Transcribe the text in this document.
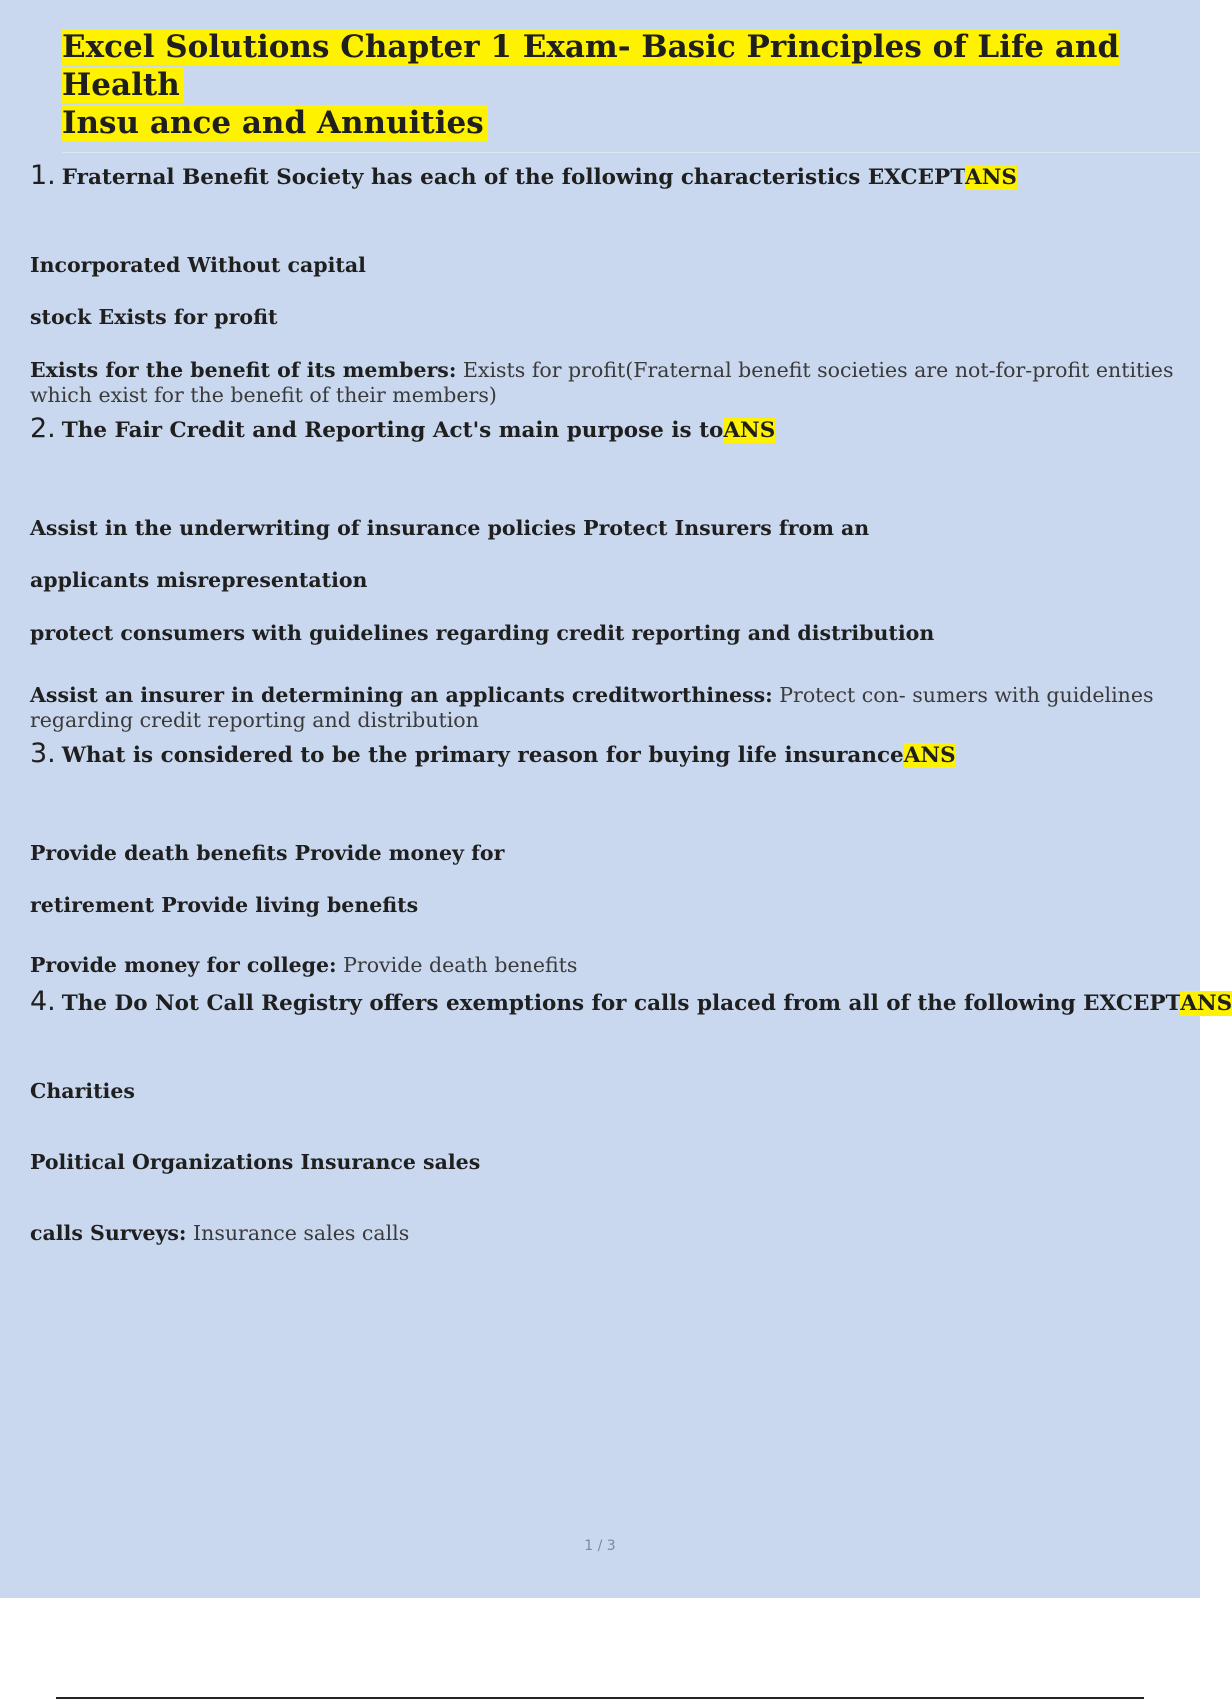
Excel Solutions Chapter 1 Exam- Basic Principles of Life and Health
Insu ance and Annuities
1. Fraternal Benefit Society has each of the following characteristics EXCEPTANS
Incorporated Without capital
stock Exists for profit
Exists for the benefit of its members: Exists for profit(Fraternal benefit societies are not-for-profit entities which exist for the benefit of their members)
2. The Fair Credit and Reporting Act's main purpose is toANS
Assist in the underwriting of insurance policies Protect Insurers from an
applicants misrepresentation
protect consumers with guidelines regarding credit reporting and distribution
Assist an insurer in determining an applicants creditworthiness: Protect con- sumers with guidelines regarding credit reporting and distribution
3. What is considered to be the primary reason for buying life insuranceANS
Provide death benefits Provide money for
retirement Provide living benefits
Provide money for college: Provide death benefits
4. The Do Not Call Registry offers exemptions for calls placed from all of the following EXCEPTANS
Charities
Political Organizations Insurance sales
calls Surveys: Insurance sales calls
1 / 3
